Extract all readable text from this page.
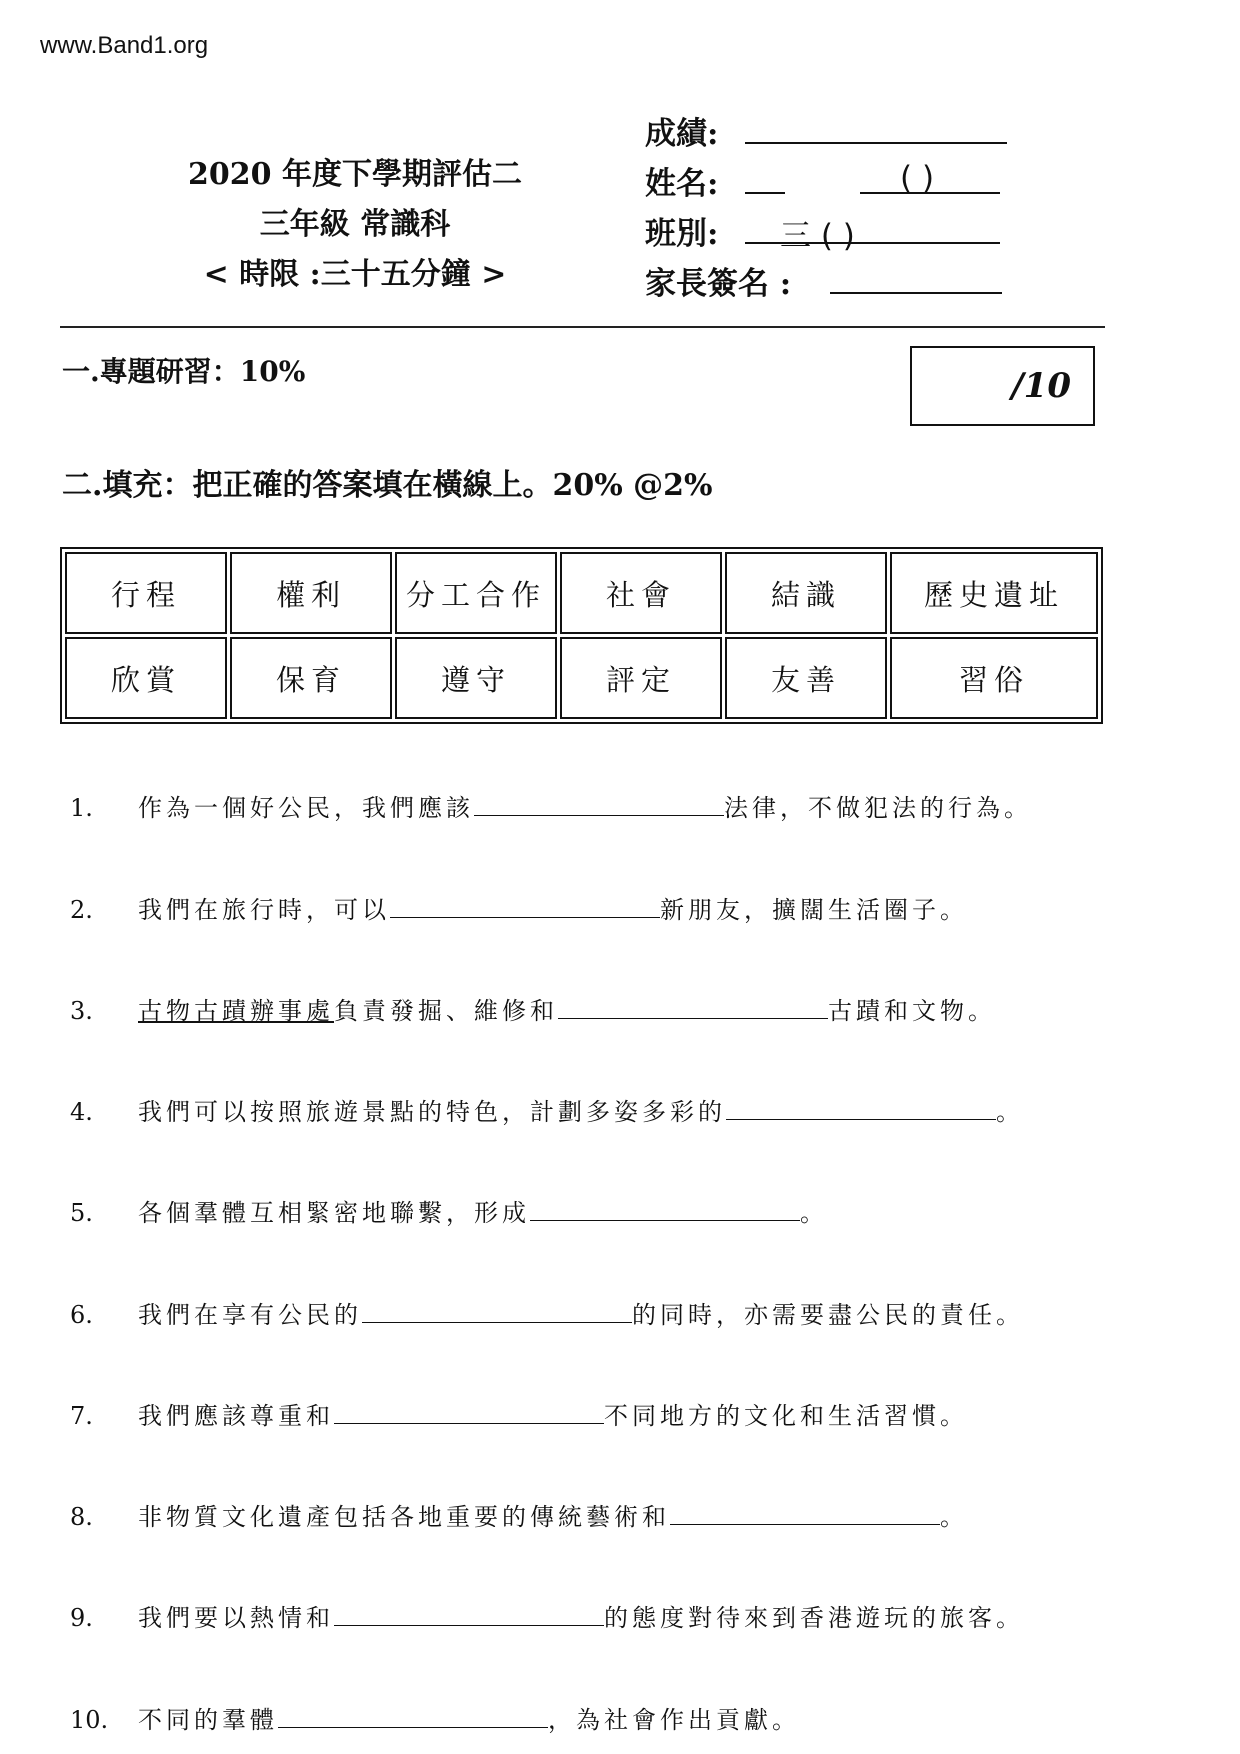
www.Band1.org
2020 年度下學期評估二
三年級 常識科
< 時限 :三十五分鐘 >
成績:
姓名:	( )
班別: 三 ( )
家長簽名 :
一.專題研習：10%	/10
二.填充：把正確的答案填在橫線上。20% @2%
行程	權利	分工合作	社會	結識	歷史遺址
欣賞	保育	遵守	評定	友善	習俗
1. 作為一個好公民，我們應該	法律，不做犯法的行為。
2. 我們在旅行時，可以	新朋友，擴闊生活圈子。
3. 古物古蹟辦事處負責發掘、維修和	古蹟和文物。
4. 我們可以按照旅遊景點的特色，計劃多姿多彩的	。
5. 各個羣體互相緊密地聯繫，形成	。
6. 我們在享有公民的	的同時，亦需要盡公民的責任。
7. 我們應該尊重和	不同地方的文化和生活習慣。
8. 非物質文化遺產包括各地重要的傳統藝術和	。
9. 我們要以熱情和	的態度對待來到香港遊玩的旅客。
10. 不同的羣體	，為社會作出貢獻。
